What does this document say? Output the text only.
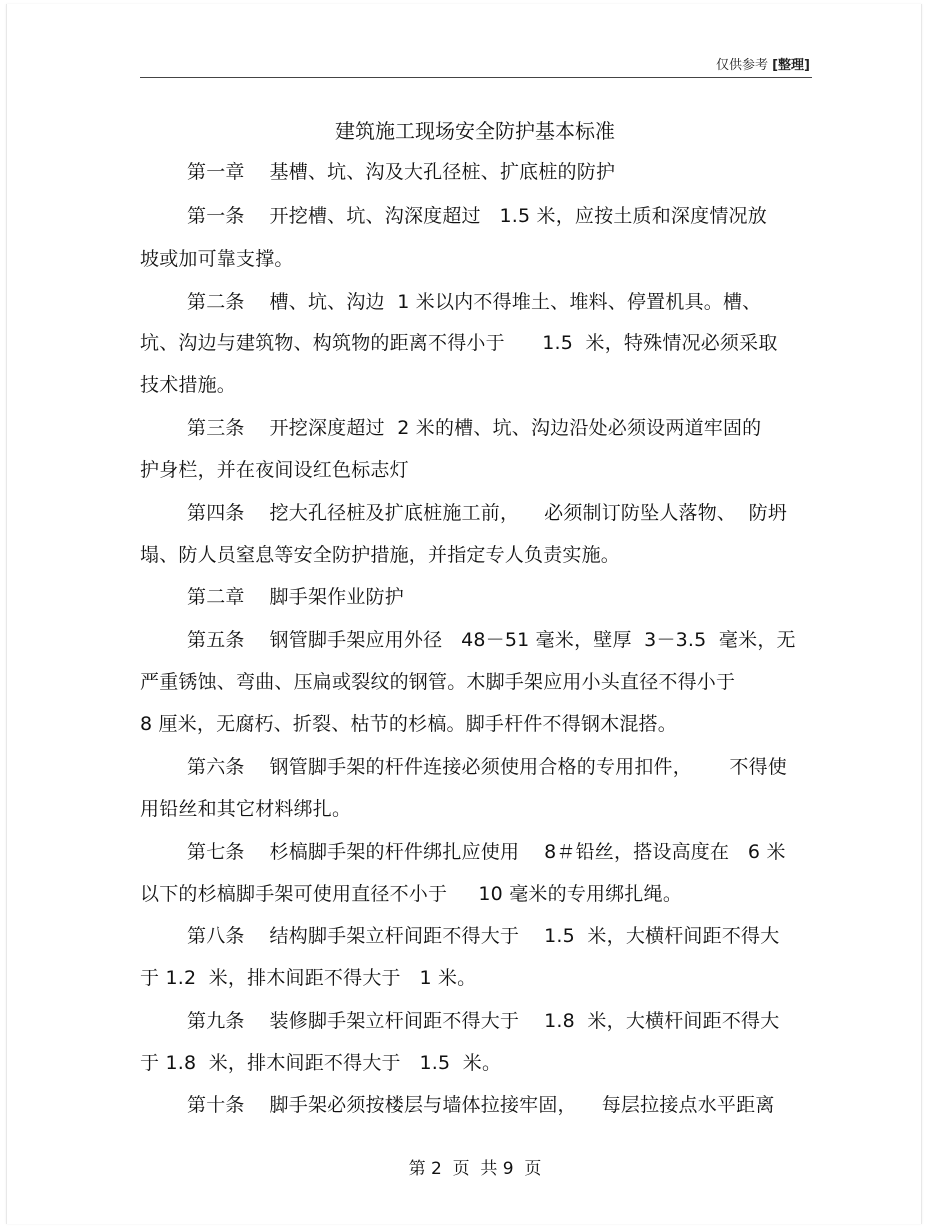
仅供参考 [整理]
建筑施工现场安全防护基本标准
第一章    基槽、坑、沟及大孔径桩、扩底桩的防护
第一条    开挖槽、坑、沟深度超过   1.5 米，应按土质和深度情况放
坡或加可靠支撑。
第二条    槽、坑、沟边  1 米以内不得堆土、堆料、停置机具。槽、
坑、沟边与建筑物、构筑物的距离不得小于      1.5  米，特殊情况必须采取
技术措施。
第三条    开挖深度超过  2 米的槽、坑、沟边沿处必须设两道牢固的
护身栏，并在夜间设红色标志灯
第四条    挖大孔径桩及扩底桩施工前，    必须制订防坠人落物、  防坍
塌、防人员窒息等安全防护措施，并指定专人负责实施。
第二章    脚手架作业防护
第五条    钢管脚手架应用外径   48－51 毫米，壁厚  3－3.5  毫米，无
严重锈蚀、弯曲、压扁或裂纹的钢管。木脚手架应用小头直径不得小于
8 厘米，无腐朽、折裂、枯节的杉槁。脚手杆件不得钢木混搭。
第六条    钢管脚手架的杆件连接必须使用合格的专用扣件，      不得使
用铅丝和其它材料绑扎。
第七条    杉槁脚手架的杆件绑扎应使用    8＃铅丝，搭设高度在   6 米
以下的杉槁脚手架可使用直径不小于     10 毫米的专用绑扎绳。
第八条    结构脚手架立杆间距不得大于    1.5  米，大横杆间距不得大
于 1.2  米，排木间距不得大于   1 米。
第九条    装修脚手架立杆间距不得大于    1.8  米，大横杆间距不得大
于 1.8  米，排木间距不得大于   1.5  米。
第十条    脚手架必须按楼层与墙体拉接牢固，    每层拉接点水平距离
第 2  页  共 9  页
